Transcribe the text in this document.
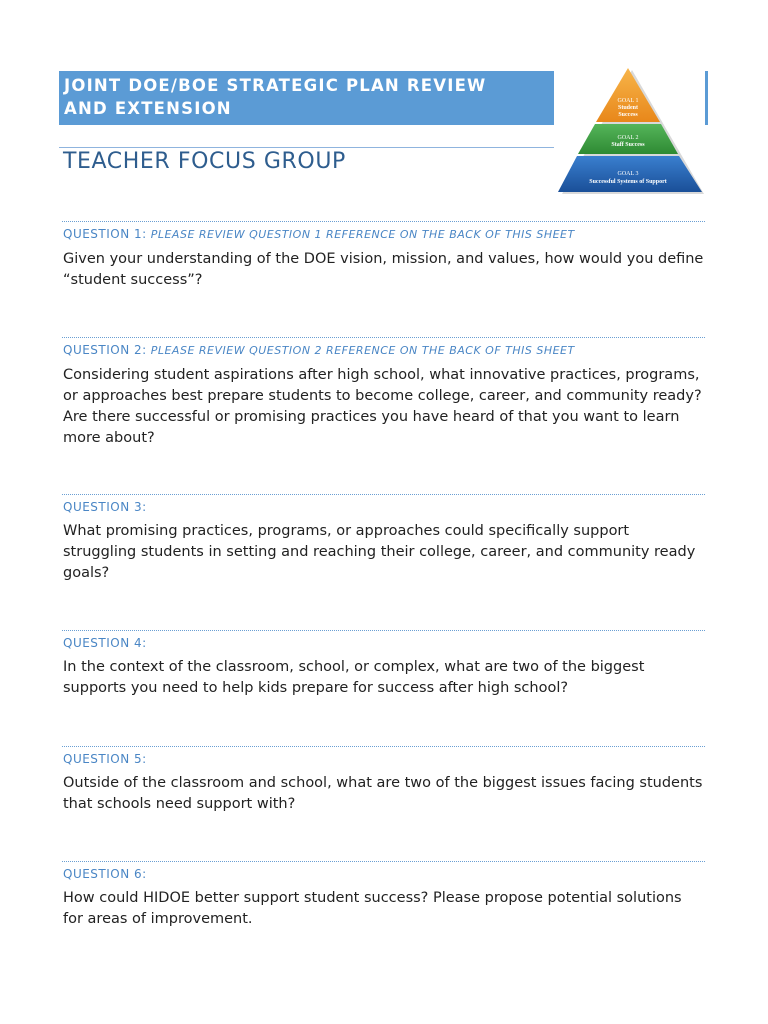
JOINT DOE/BOE STRATEGIC PLAN REVIEW
AND EXTENSION
TEACHER FOCUS GROUP
GOAL 1
Student
Success
GOAL 2
Staff Success
GOAL 3
Successful Systems of Support
QUESTION 1: PLEASE REVIEW QUESTION 1 REFERENCE ON THE BACK OF THIS SHEET
Given your understanding of the DOE vision, mission, and values, how would you define “student success”?
QUESTION 2: PLEASE REVIEW QUESTION 2 REFERENCE ON THE BACK OF THIS SHEET
Considering student aspirations after high school, what innovative practices, programs, or approaches best prepare students to become college, career, and community ready? Are there successful or promising practices you have heard of that you want to learn more about?
QUESTION 3:
What promising practices, programs, or approaches could specifically support struggling students in setting and reaching their college, career, and community ready goals?
QUESTION 4:
In the context of the classroom, school, or complex, what are two of the biggest supports you need to help kids prepare for success after high school?
QUESTION 5:
Outside of the classroom and school, what are two of the biggest issues facing students that schools need support with?
QUESTION 6:
How could HIDOE better support student success? Please propose potential solutions for areas of improvement.
